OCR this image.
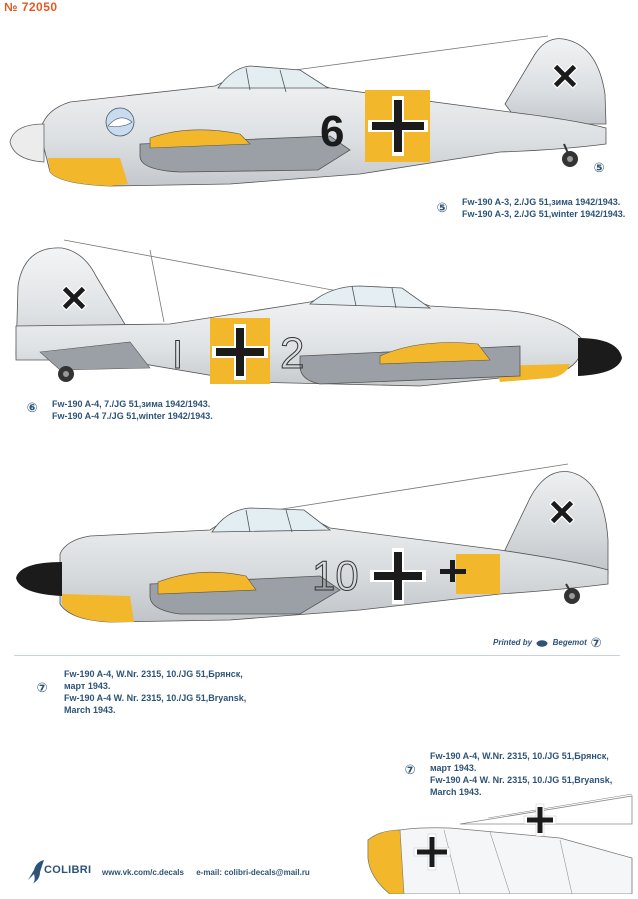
№ 72050
6
⑤
⑤ Fw-190 A-3, 2./JG 51,зима 1942/1943.
Fw-190 A-3, 2./JG 51,winter 1942/1943.
I 2
⑥ Fw-190 A-4, 7./JG 51,зима 1942/1943.
Fw-190 A-4 7./JG 51,winter 1942/1943.
10
Printed by	Begemot ⑦
⑦
Fw-190 A-4, W.Nr. 2315, 10./JG 51,Брянск,
март 1943.
Fw-190 A-4 W. Nr. 2315, 10./JG 51,Bryansk,
March 1943.
⑦
Fw-190 A-4, W.Nr. 2315, 10./JG 51,Брянск,
март 1943.
Fw-190 A-4 W. Nr. 2315, 10./JG 51,Bryansk,
March 1943.
COLIBRI www.vk.com/c.decals e-mail: colibri-decals@mail.ru
